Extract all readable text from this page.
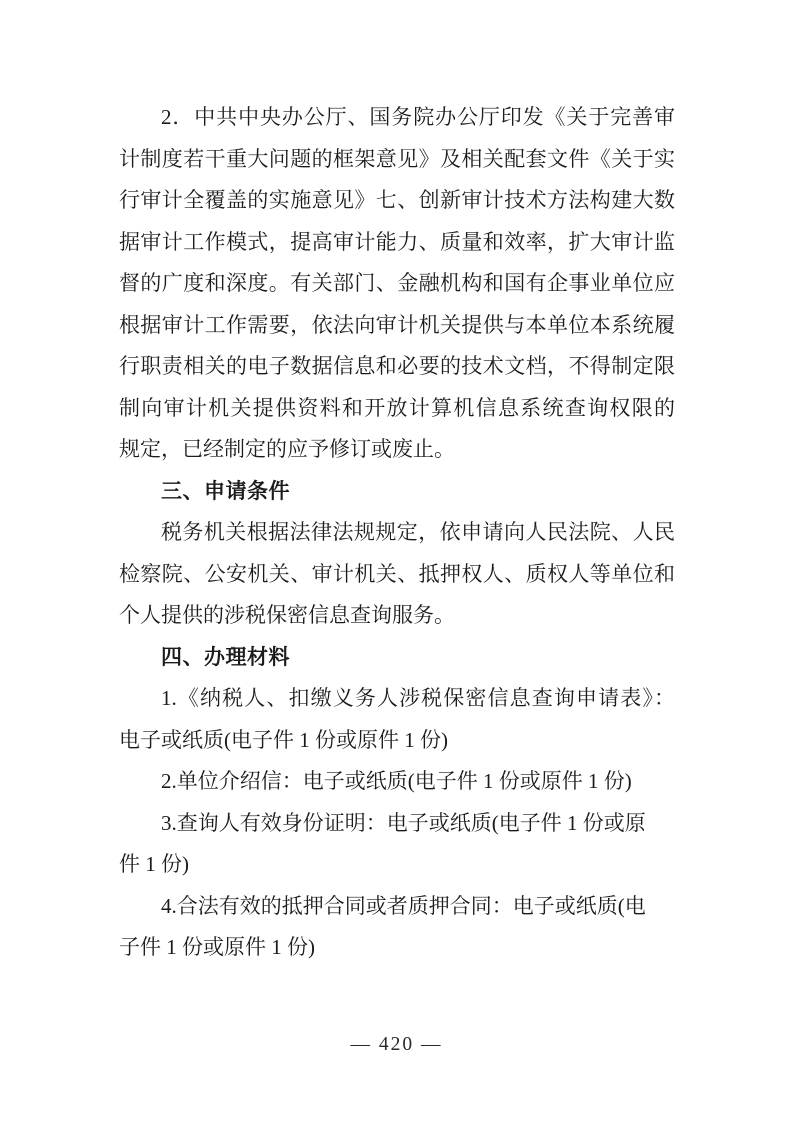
2．中共中央办公厅、国务院办公厅印发《关于完善审
计制度若干重大问题的框架意见》及相关配套文件《关于实
行审计全覆盖的实施意见》七、创新审计技术方法构建大数
据审计工作模式，提高审计能力、质量和效率，扩大审计监
督的广度和深度。有关部门、金融机构和国有企事业单位应
根据审计工作需要，依法向审计机关提供与本单位本系统履
行职责相关的电子数据信息和必要的技术文档，不得制定限
制向审计机关提供资料和开放计算机信息系统查询权限的
规定，已经制定的应予修订或废止。
三、申请条件
税务机关根据法律法规规定，依申请向人民法院、人民
检察院、公安机关、审计机关、抵押权人、质权人等单位和
个人提供的涉税保密信息查询服务。
四、办理材料
1.《纳税人、扣缴义务人涉税保密信息查询申请表》：
电子或纸质(电子件 1 份或原件 1 份)
2.单位介绍信：电子或纸质(电子件 1 份或原件 1 份)
3.查询人有效身份证明：电子或纸质(电子件 1 份或原
件 1 份)
4.合法有效的抵押合同或者质押合同：电子或纸质(电
子件 1 份或原件 1 份)
— 420 —
